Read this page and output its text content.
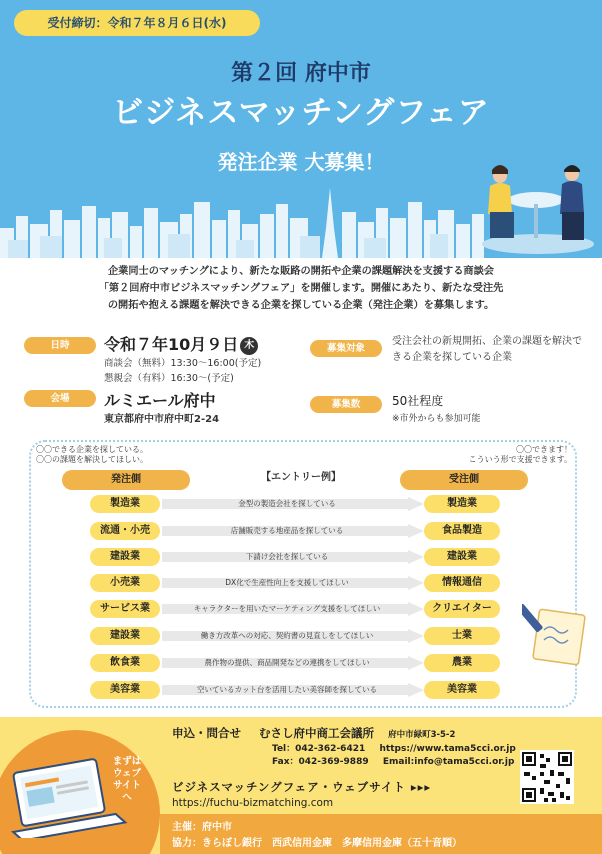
受付締切：令和７年８月６日(水)
第２回 府中市
ビジネスマッチングフェア
発注企業 大募集！
企業同士のマッチングにより、新たな販路の開拓や企業の課題解決を支援する商談会
「第２回府中市ビジネスマッチングフェア」を開催します。開催にあたり、新たな受注先
の開拓や抱える課題を解決できる企業を探している企業（発注企業）を募集します。
日時	令和７年10月９日 木
商談会（無料）13:30～16:00(予定)
懇親会（有料）16:30～(予定)
会場	ルミエール府中
東京都府中市府中町2-24
募集対象
受注会社の新規開拓、企業の課題を解決できる企業を探している企業
募集数	50社程度
※市外からも参加可能
〇〇できる企業を探している。
〇〇の課題を解決してほしい。
〇〇できます！
こういう形で支援できます。
発注側	受注側
【エントリー例】
製造業	金型の製造会社を探している	製造業
流通・小売	店舗販売する地産品を探している	食品製造
建設業	下請け会社を探している	建設業
小売業	DX化で生産性向上を支援してほしい	情報通信
サービス業	キャラクターを用いたマーケティング支援をしてほしい	クリエイター
建設業	働き方改革への対応、契約書の見直しをしてほしい	士業
飲食業	農作物の提供、商品開発などの連携をしてほしい	農業
美容業	空いているカット台を活用したい美容師を探している	美容業
まずはウェブサイトへ
申込・問合せ むさし府中商工会議所 府中市緑町3-5-2
Tel：042-362-6421 https://www.tama5cci.or.jp
Fax：042-369-9889 Email:info@tama5cci.or.jp
ビジネスマッチングフェア・ウェブサイト ▸▸▸
https://fuchu-bizmatching.com
主催：府中市
協力：きらぼし銀行　西武信用金庫　多摩信用金庫（五十音順）
